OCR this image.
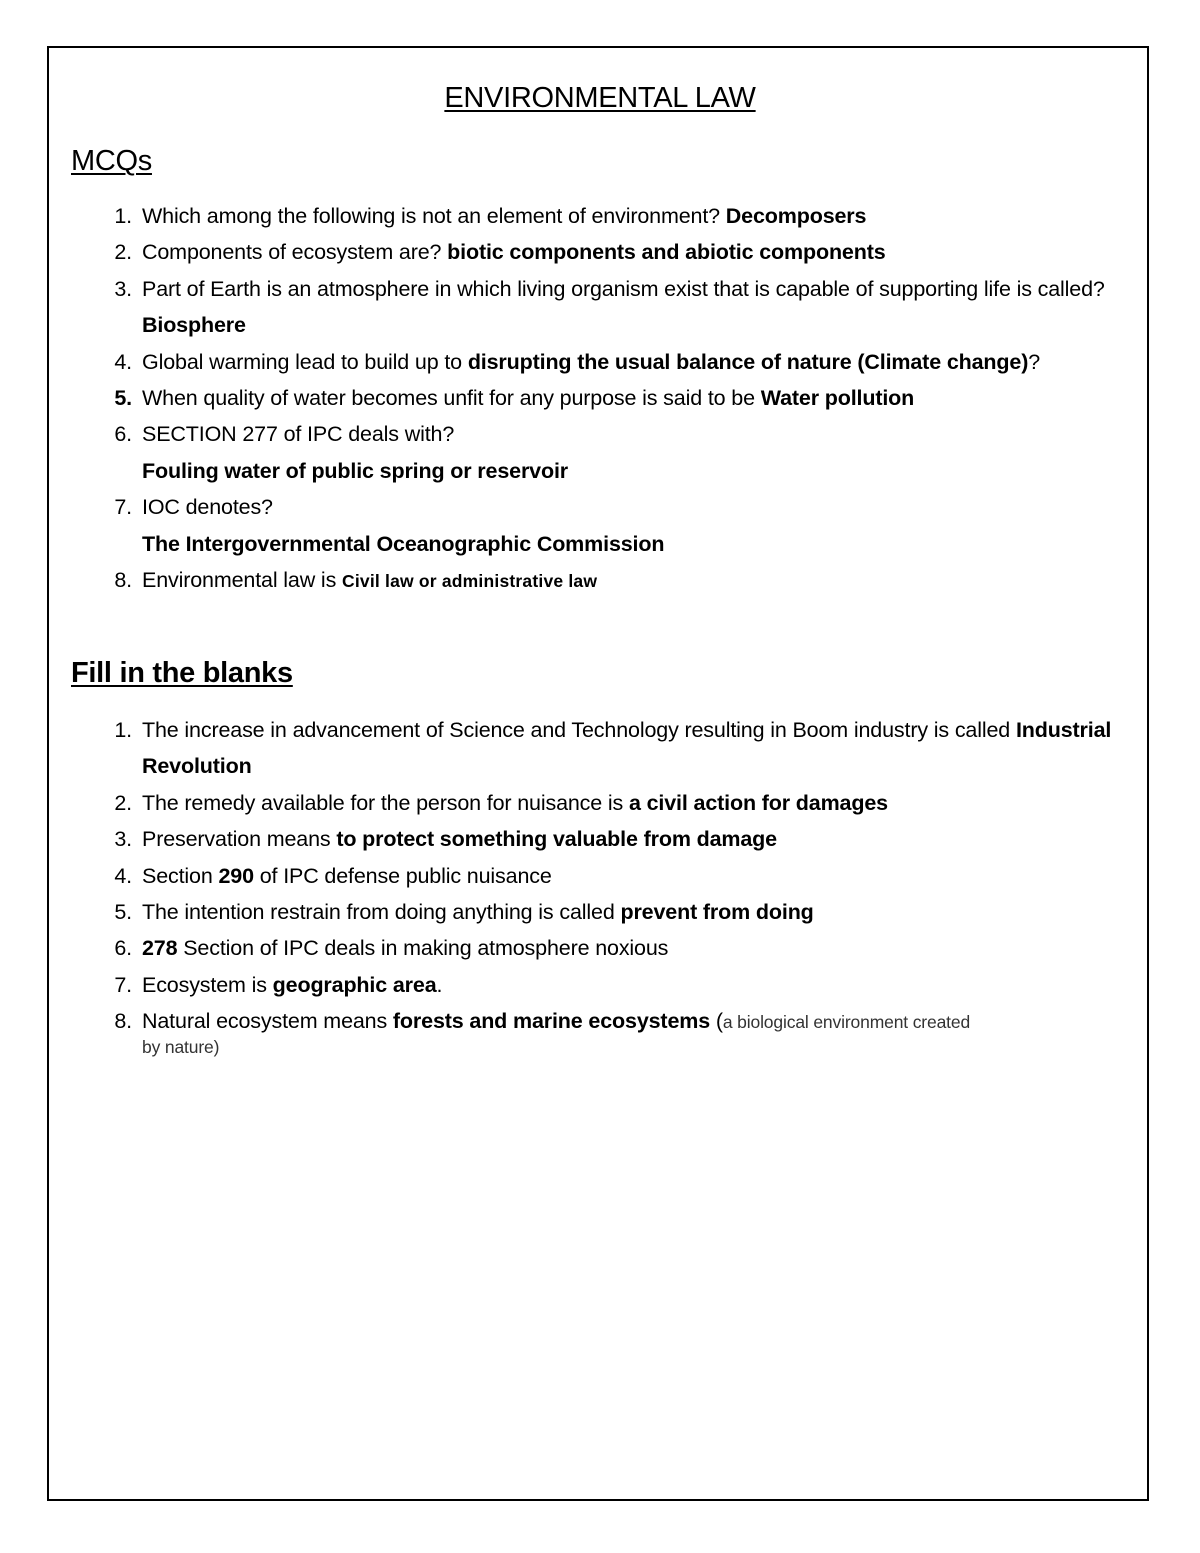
ENVIRONMENTAL LAW
MCQs
1. Which among the following is not an element of environment? Decomposers
2. Components of ecosystem are? biotic components and abiotic components
3. Part of Earth is an atmosphere in which living organism exist that is capable of supporting life is called? Biosphere
4. Global warming lead to build up to disrupting the usual balance of nature (Climate change)?
5. When quality of water becomes unfit for any purpose is said to be Water pollution
6. SECTION 277 of IPC deals with?
Fouling water of public spring or reservoir
7. IOC denotes?
The Intergovernmental Oceanographic Commission
8. Environmental law is Civil law or administrative law
Fill in the blanks
1. The increase in advancement of Science and Technology resulting in Boom industry is called Industrial Revolution
2. The remedy available for the person for nuisance is a civil action for damages
3. Preservation means to protect something valuable from damage
4. Section 290 of IPC defense public nuisance
5. The intention restrain from doing anything is called prevent from doing
6. 278 Section of IPC deals in making atmosphere noxious
7. Ecosystem is geographic area.
8. Natural ecosystem means forests and marine ecosystems (a biological environment created
by nature)
